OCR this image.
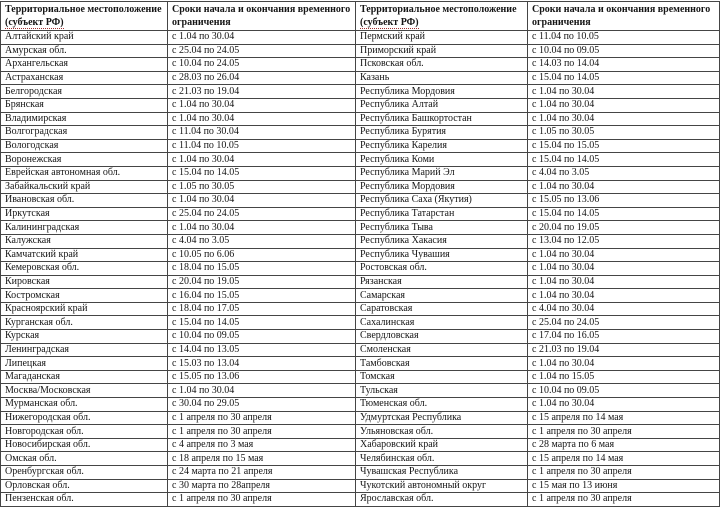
Территориальное местоположение
(субъект РФ)	Сроки начала и окончания временного ограничения	Территориальное местоположение
(субъект РФ)	Сроки начала и окончания временного ограничения
Алтайский край	с 1.04 по 30.04	Пермский край	с 11.04 по 10.05
Амурская обл.	с 25.04 по 24.05	Приморский край	с 10.04 по 09.05
Архангельская	с 10.04 по 24.05	Псковская обл.	с 14.03 по 14.04
Астраханская	с 28.03 по 26.04	Казань	с 15.04 по 14.05
Белгородская	с 21.03 по 19.04	Республика Мордовия	с 1.04 по 30.04
Брянская	с 1.04 по 30.04	Республика Алтай	с 1.04 по 30.04
Владимирская	с 1.04 по 30.04	Республика Башкортостан	с 1.04 по 30.04
Волгоградская	с 11.04 по 30.04	Республика Бурятия	с 1.05 по 30.05
Вологодская	с 11.04 по 10.05	Республика Карелия	с 15.04 по 15.05
Воронежская	с 1.04 по 30.04	Республика Коми	с 15.04 по 14.05
Еврейская автономная обл.	с 15.04 по 14.05	Республика Марий Эл	с 4.04 по 3.05
Забайкальский край	с 1.05 по 30.05	Республика Мордовия	с 1.04 по 30.04
Ивановская обл.	с 1.04 по 30.04	Республика Саха (Якутия)	с 15.05 по 13.06
Иркутская	с 25.04 по 24.05	Республика Татарстан	с 15.04 по 14.05
Калининградская	с 1.04 по 30.04	Республика Тыва	с 20.04 по 19.05
Калужская	с 4.04 по 3.05	Республика Хакасия	с 13.04 по 12.05
Камчатский край	с 10.05 по 6.06	Республика Чувашия	с 1.04 по 30.04
Кемеровская обл.	с 18.04 по 15.05	Ростовская обл.	с 1.04 по 30.04
Кировская	с 20.04 по 19.05	Рязанская	с 1.04 по 30.04
Костромская	с 16.04 по 15.05	Самарская	с 1.04 по 30.04
Красноярский край	с 18.04 по 17.05	Саратовская	с 4.04 по 30.04
Курганская обл.	с 15.04 по 14.05	Сахалинская	с 25.04 по 24.05
Курская	с 10.04 по 09.05	Свердловская	с 17.04 по 16.05
Ленинградская	с 14.04 по 13.05	Смоленская	с 21.03 по 19.04
Липецкая	с 15.03 по 13.04	Тамбовская	с 1.04 по 30.04
Магаданская	с 15.05 по 13.06	Томская	с 1.04 по 15.05
Москва/Московская	с 1.04 по 30.04	Тульская	с 10.04 по 09.05
Мурманская обл.	с 30.04 по 29.05	Тюменская обл.	с 1.04 по 30.04
Нижегородская обл.	с 1 апреля по 30 апреля	Удмуртская Республика	с 15 апреля по 14 мая
Новгородская обл.	с 1 апреля по 30 апреля	Ульяновская обл.	с 1 апреля по 30 апреля
Новосибирская обл.	с 4 апреля по 3 мая	Хабаровский край	с 28 марта по 6 мая
Омская обл.	с 18 апреля по 15 мая	Челябинская обл.	с 15 апреля по 14 мая
Оренбургская обл.	с 24 марта по 21 апреля	Чувашская Республика	с 1 апреля по 30 апреля
Орловская обл.	с 30 марта по 28апреля	Чукотский автономный округ	с 15 мая по 13 июня
Пензенская обл.	с 1 апреля по 30 апреля	Ярославская обл.	с 1 апреля по 30 апреля
